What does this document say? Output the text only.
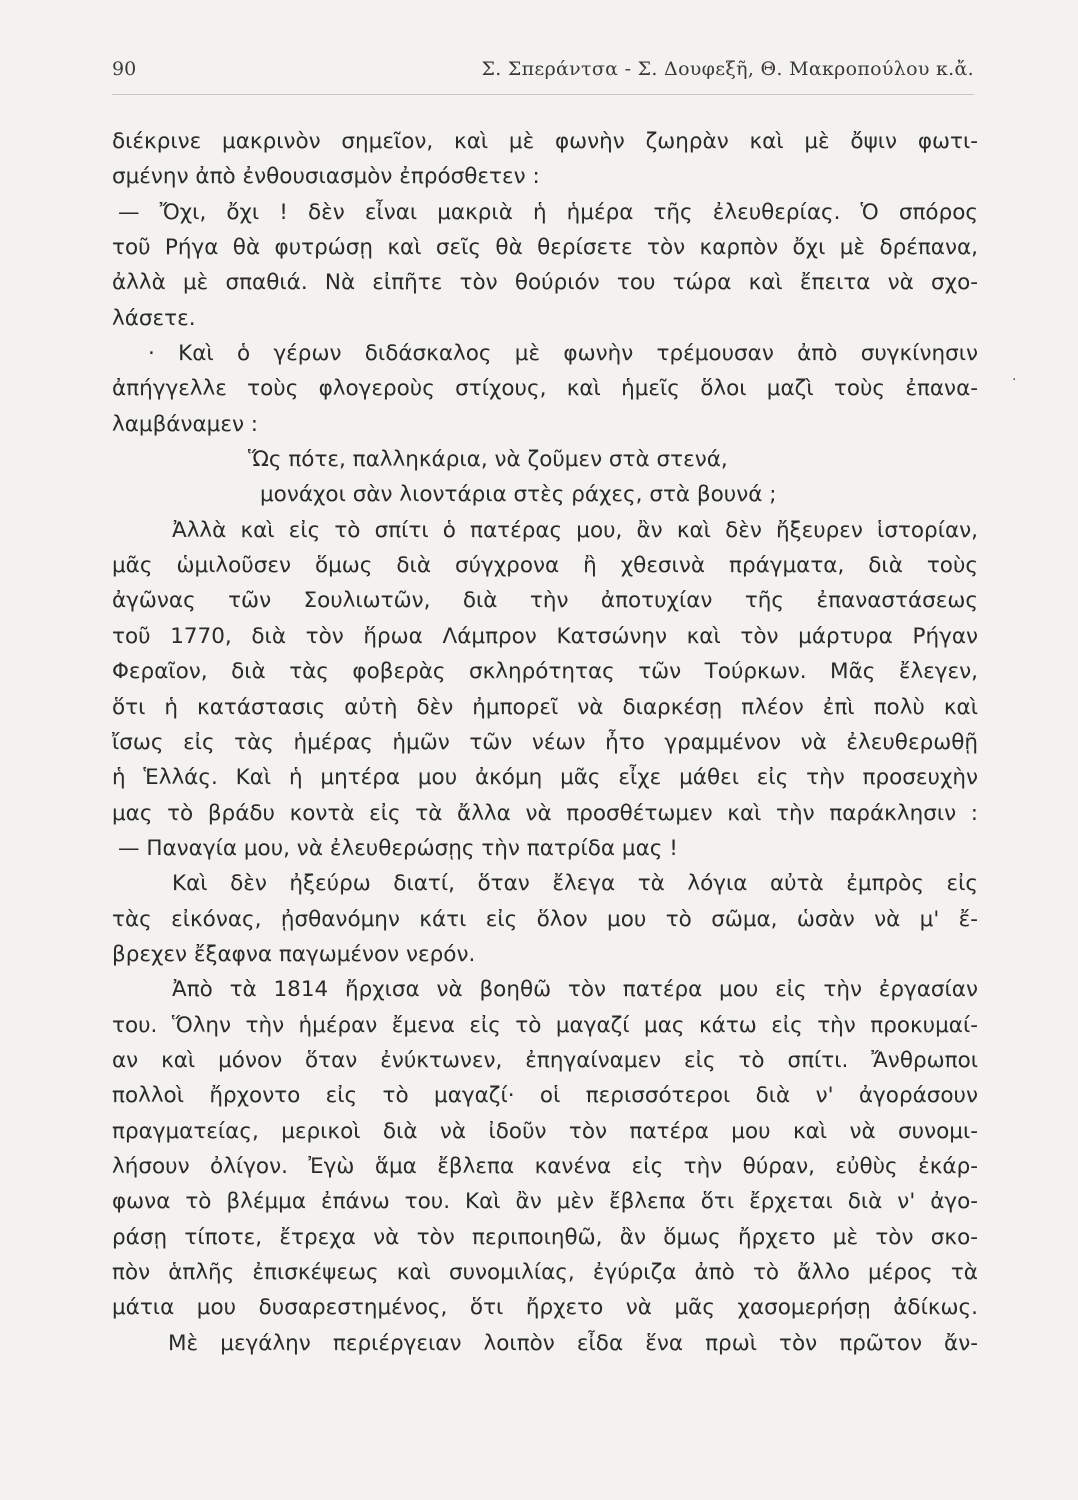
90	Σ. Σπεράντσα - Σ. Δουφεξῆ, Θ. Μακροπούλου κ.ἄ.
·
διέκρινε μακρινὸν σημεῖον, καὶ μὲ φωνὴν ζωηρὰν καὶ μὲ ὄψιν φωτι-
σμένην ἀπὸ ἐνθουσιασμὸν ἐπρόσθετεν :
— Ὄχι, ὄχι ! δὲν εἶναι μακριὰ ἡ ἡμέρα τῆς ἐλευθερίας. Ὁ σπόρος
τοῦ Ρήγα θὰ φυτρώσῃ καὶ σεῖς θὰ θερίσετε τὸν καρπὸν ὄχι μὲ δρέπανα,
ἀλλὰ μὲ σπαθιά. Νὰ εἰπῆτε τὸν θούριόν του τώρα καὶ ἔπειτα νὰ σχο-
λάσετε.
· Καὶ ὁ γέρων διδάσκαλος μὲ φωνὴν τρέμουσαν ἀπὸ συγκίνησιν
ἀπήγγελλε τοὺς φλογεροὺς στίχους, καὶ ἡμεῖς ὅλοι μαζὶ τοὺς ἐπανα-
λαμβάναμεν :
Ὥς πότε, παλληκάρια, νὰ ζοῦμεν στὰ στενά,
μονάχοι σὰν λιοντάρια στὲς ράχες, στὰ βουνά ;
Ἀλλὰ καὶ εἰς τὸ σπίτι ὁ πατέρας μου, ἂν καὶ δὲν ἤξευρεν ἱστορίαν,
μᾶς ὡμιλοῦσεν ὅμως διὰ σύγχρονα ἢ χθεσινὰ πράγματα, διὰ τοὺς
ἀγῶνας τῶν Σουλιωτῶν, διὰ τὴν ἀποτυχίαν τῆς ἐπαναστάσεως
τοῦ 1770, διὰ τὸν ἥρωα Λάμπρον Κατσώνην καὶ τὸν μάρτυρα Ρήγαν
Φεραῖον, διὰ τὰς φοβερὰς σκληρότητας τῶν Τούρκων. Μᾶς ἔλεγεν,
ὅτι ἡ κατάστασις αὐτὴ δὲν ἠμπορεῖ νὰ διαρκέσῃ πλέον ἐπὶ πολὺ καὶ
ἴσως εἰς τὰς ἡμέρας ἡμῶν τῶν νέων ἦτο γραμμένον νὰ ἐλευθερωθῇ
ἡ Ἑλλάς. Καὶ ἡ μητέρα μου ἀκόμη μᾶς εἶχε μάθει εἰς τὴν προσευχὴν
μας τὸ βράδυ κοντὰ εἰς τὰ ἄλλα νὰ προσθέτωμεν καὶ τὴν παράκλησιν :
— Παναγία μου, νὰ ἐλευθερώσῃς τὴν πατρίδα μας !
Καὶ δὲν ἠξεύρω διατί, ὅταν ἔλεγα τὰ λόγια αὐτὰ ἐμπρὸς εἰς
τὰς εἰκόνας, ᾐσθανόμην κάτι εἰς ὅλον μου τὸ σῶμα, ὡσὰν νὰ μ' ἔ-
βρεχεν ἔξαφνα παγωμένον νερόν.
Ἀπὸ τὰ 1814 ἤρχισα νὰ βοηθῶ τὸν πατέρα μου εἰς τὴν ἐργασίαν
του. Ὅλην τὴν ἡμέραν ἔμενα εἰς τὸ μαγαζί μας κάτω εἰς τὴν προκυμαί-
αν καὶ μόνον ὅταν ἐνύκτωνεν, ἐπηγαίναμεν εἰς τὸ σπίτι. Ἄνθρωποι
πολλοὶ ἤρχοντο εἰς τὸ μαγαζί· οἱ περισσότεροι διὰ ν' ἀγοράσουν
πραγματείας, μερικοὶ διὰ νὰ ἰδοῦν τὸν πατέρα μου καὶ νὰ συνομι-
λήσουν ὀλίγον. Ἐγὼ ἅμα ἔβλεπα κανένα εἰς τὴν θύραν, εὐθὺς ἐκάρ-
φωνα τὸ βλέμμα ἐπάνω του. Καὶ ἂν μὲν ἔβλεπα ὅτι ἔρχεται διὰ ν' ἀγο-
ράσῃ τίποτε, ἔτρεχα νὰ τὸν περιποιηθῶ, ἂν ὅμως ἤρχετο μὲ τὸν σκο-
πὸν ἁπλῆς ἐπισκέψεως καὶ συνομιλίας, ἐγύριζα ἀπὸ τὸ ἄλλο μέρος τὰ
μάτια μου δυσαρεστημένος, ὅτι ἤρχετο νὰ μᾶς χασομερήσῃ ἀδίκως.
Μὲ μεγάλην περιέργειαν λοιπὸν εἶδα ἕνα πρωὶ τὸν πρῶτον ἄν-
